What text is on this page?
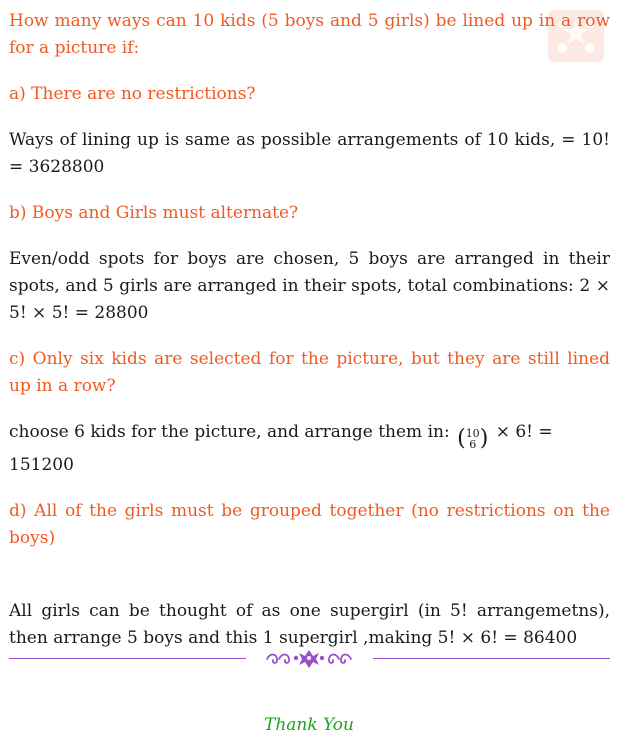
How many ways can 10 kids (5 boys and 5 girls) be lined up in a row for a picture if:

a) There are no restrictions?

Ways of lining up is same as possible arrangements of 10 kids, = 10! = 3628800

b) Boys and Girls must alternate?

Even/odd spots for boys are chosen, 5 boys are arranged in their spots, and 5 girls are arranged in their spots, total combinations: 2 × 5! × 5! = 28800

c) Only six kids are selected for the picture, but they are still lined up in a row?

choose 6 kids for the picture, and arrange them in: ( 10
6 ) × 6! = 151200

d) All of the girls must be grouped together (no restrictions on the boys)

All girls can be thought of as one supergirl (in 5! arrangemetns), then arrange 5 boys and this 1 supergirl ,making 5! × 6! = 86400

Thank You
